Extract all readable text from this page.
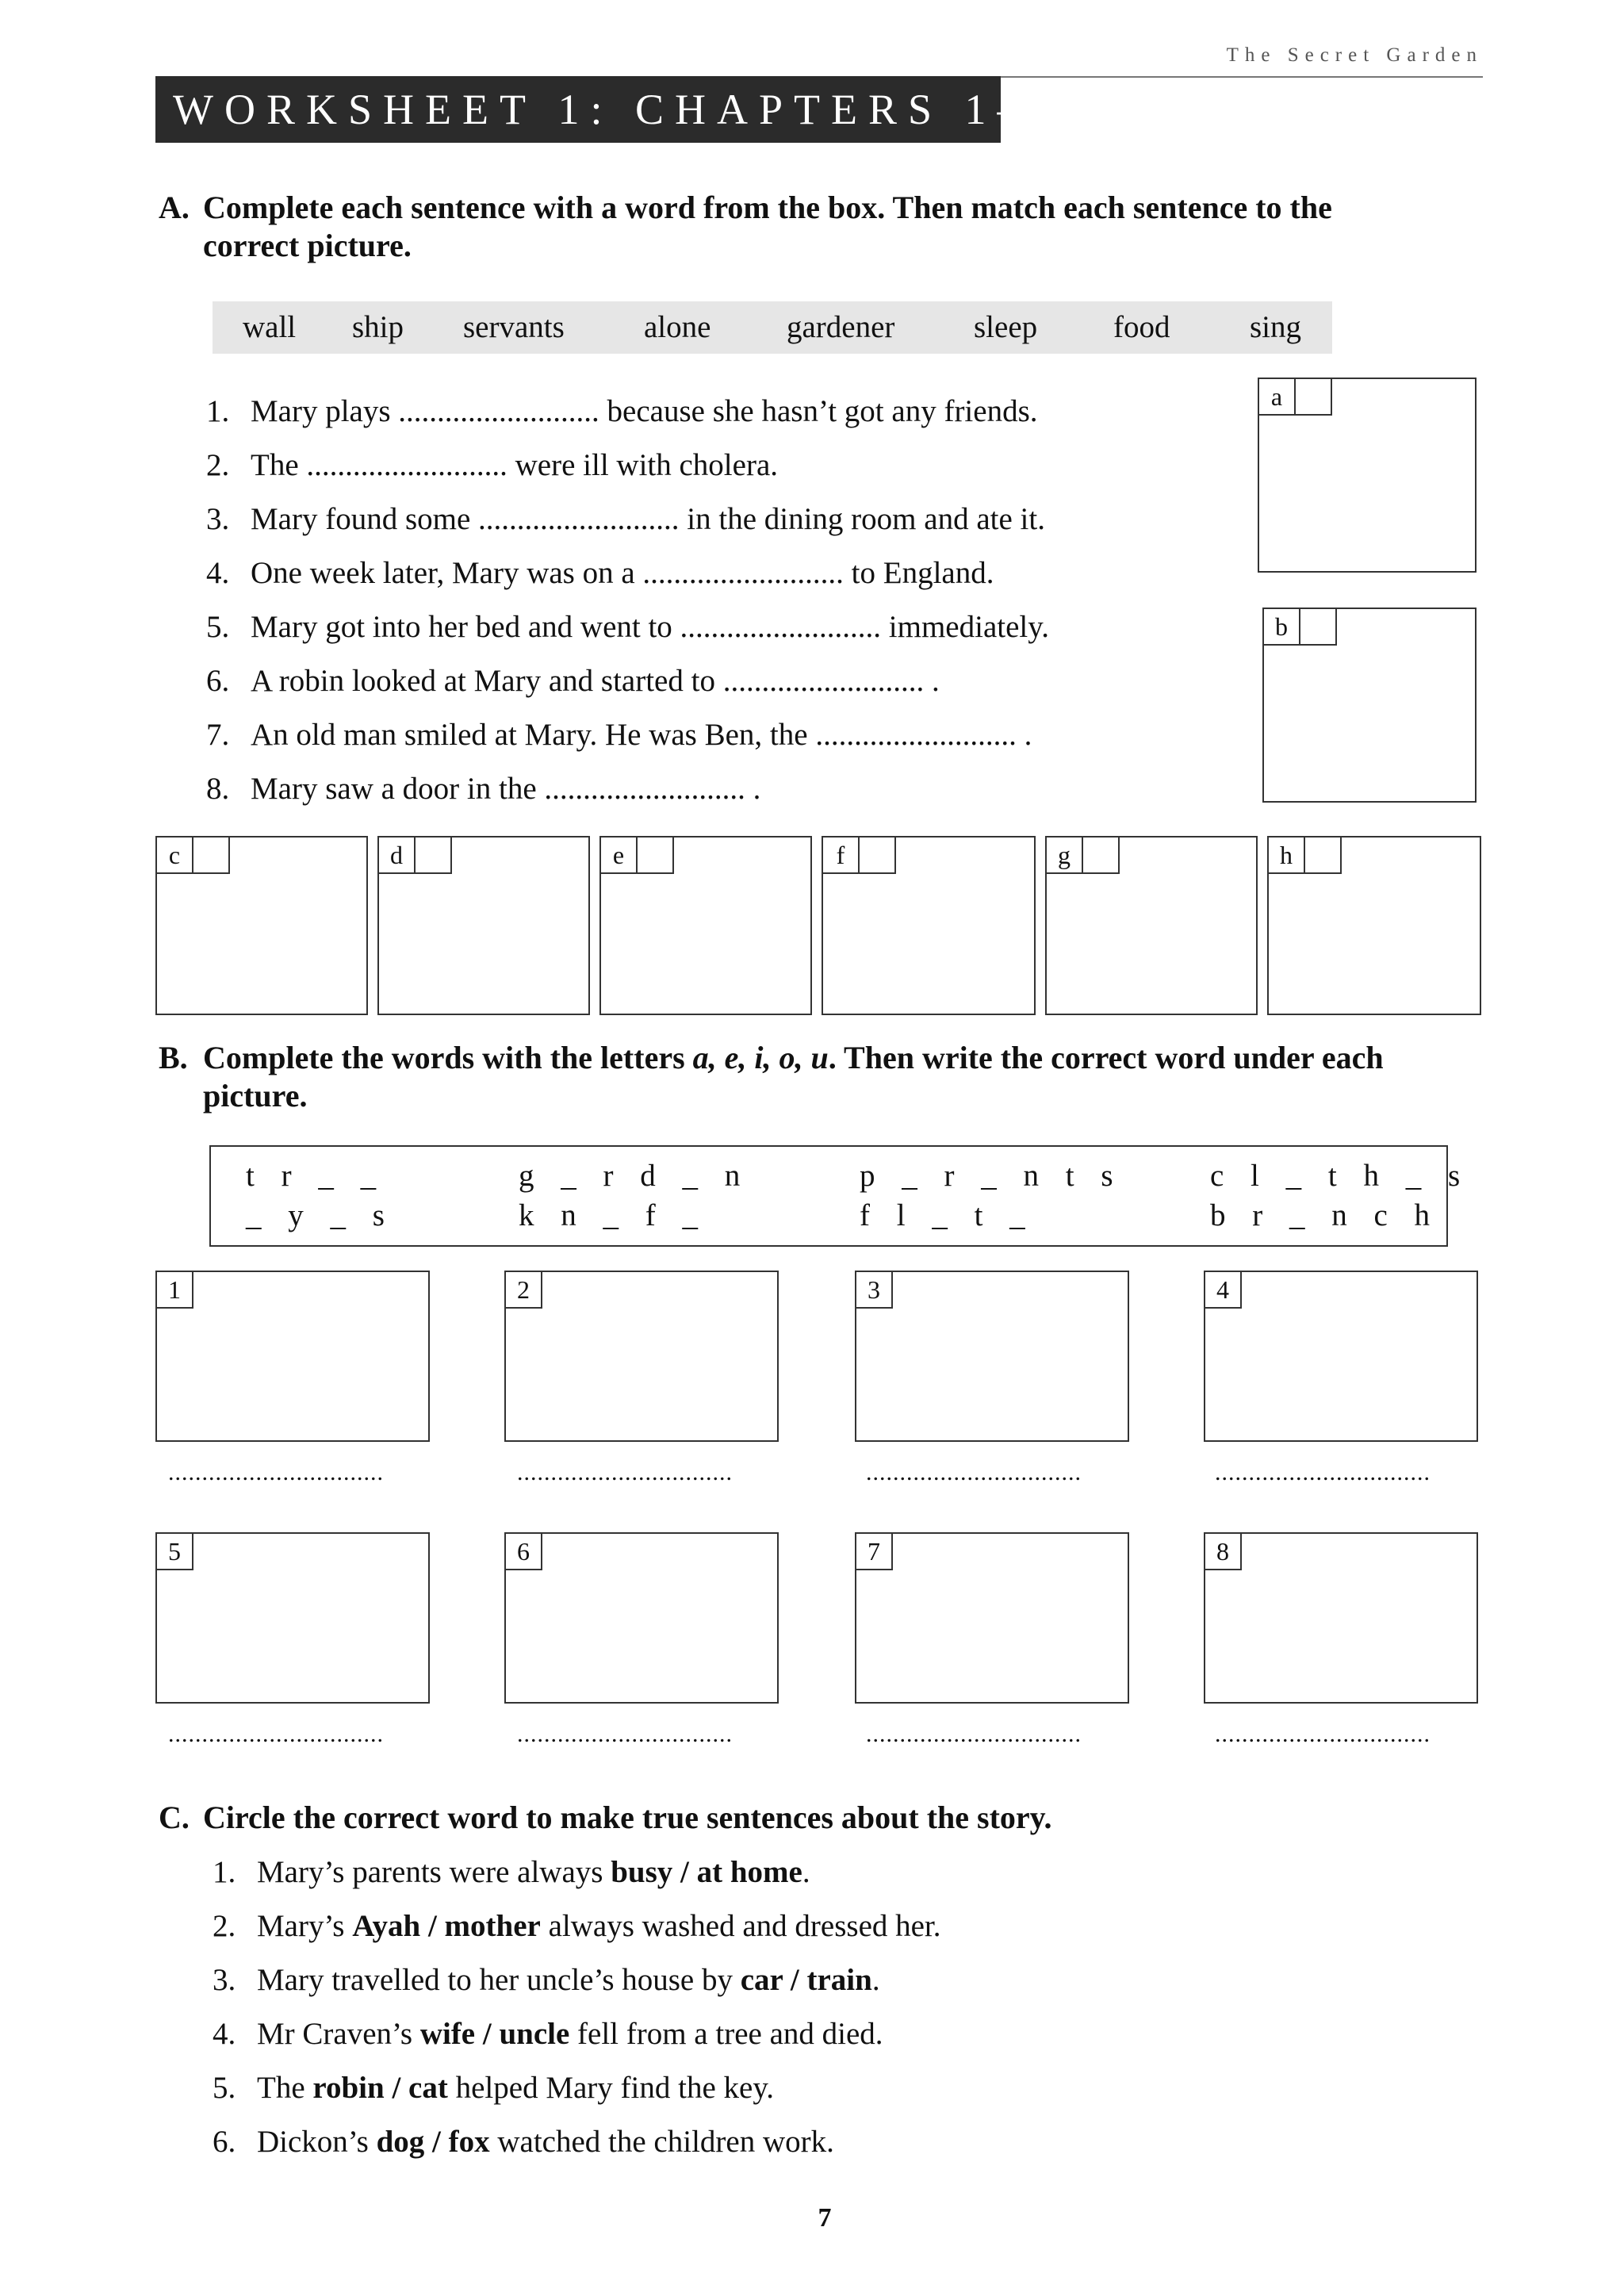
The Secret Garden
WORKSHEET 1: CHAPTERS 1–3
A. Complete each sentence with a word from the box. Then match each sentence to the
correct picture.
wall ship servants	alone gardener	sleep food	sing
1. Mary plays .......................... because she hasn’t got any friends.
2. The .......................... were ill with cholera.
3. Mary found some .......................... in the dining room and ate it.
4. One week later, Mary was on a .......................... to England.
5. Mary got into her bed and went to .......................... immediately.
6. A robin looked at Mary and started to .......................... .
7. An old man smiled at Mary. He was Ben, the .......................... .
8. Mary saw a door in the .......................... .
a
b
c	d	e	f	g	h
B. Complete the words with the letters a, e, i, o, u. Then write the correct word under each
picture.
t r _ _	g _ r d _ n	p _ r _ n t s	c l _ t h _ s
_ y _ s	k n _ f _	f l _ t _	b r _ n c h
1	2	3	4
................................	................................	................................	................................
5	6	7	8
................................	................................	................................	................................
C. Circle the correct word to make true sentences about the story.
1. Mary’s parents were always busy / at home.
2. Mary’s Ayah / mother always washed and dressed her.
3. Mary travelled to her uncle’s house by car / train.
4. Mr Craven’s wife / uncle fell from a tree and died.
5. The robin / cat helped Mary find the key.
6. Dickon’s dog / fox watched the children work.
7
